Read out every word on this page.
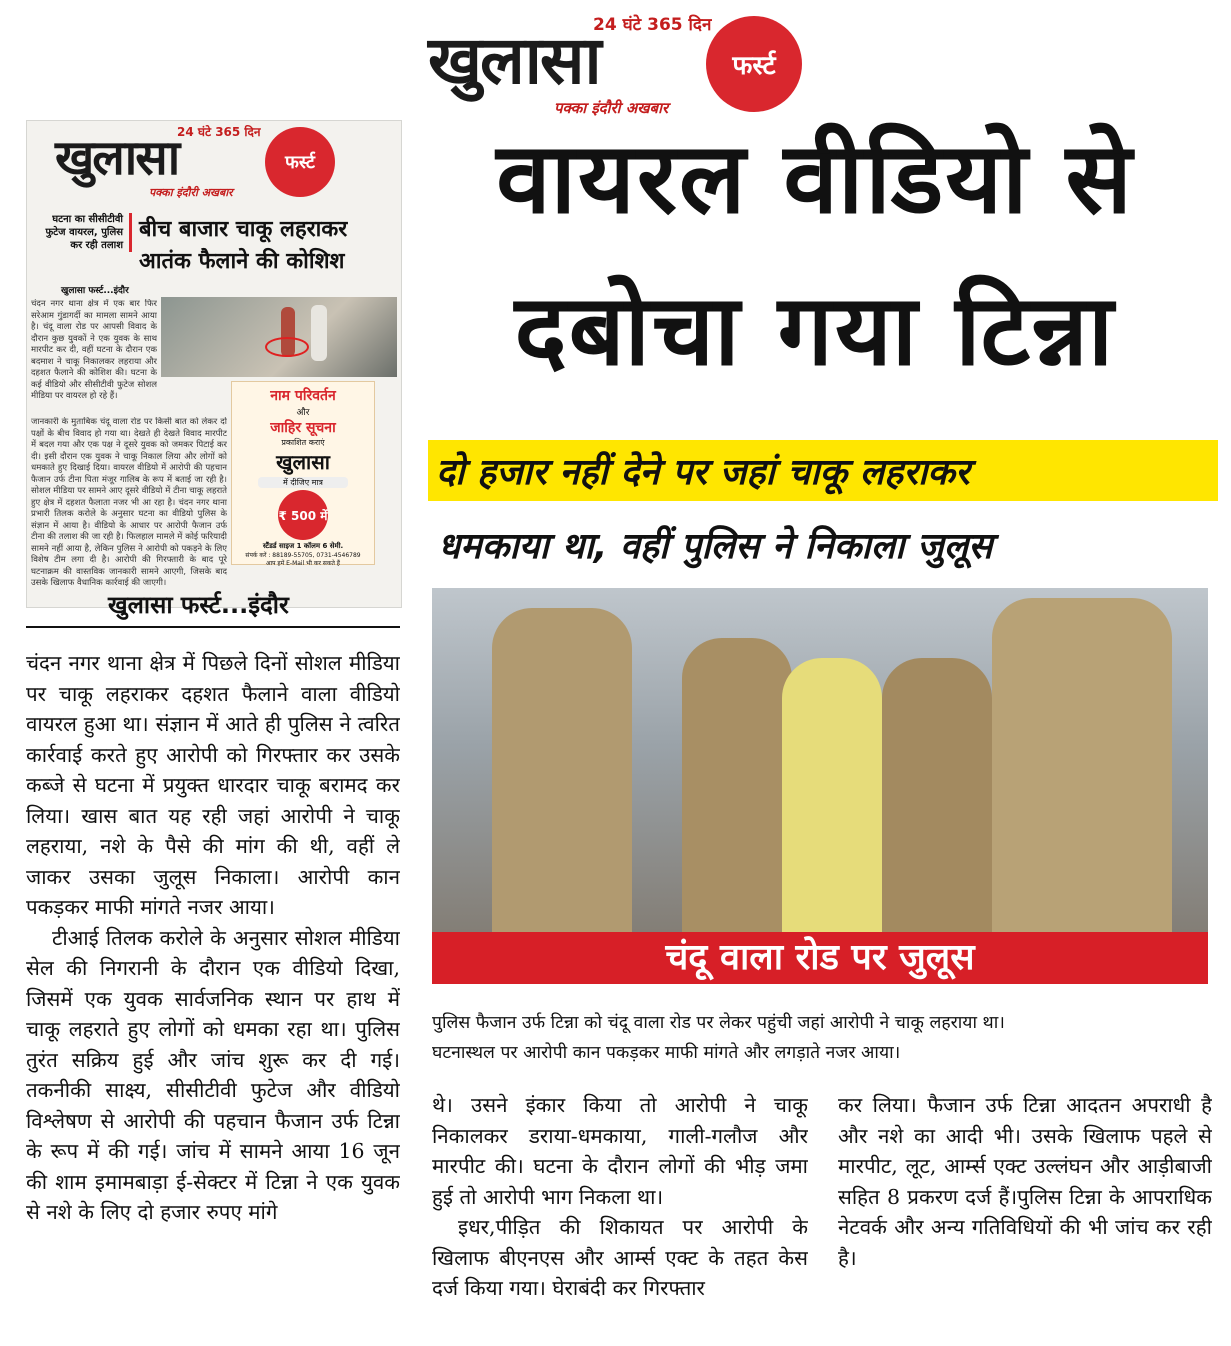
24 घंटे 365 दिन
खुलासा	फर्स्ट
पक्का इंदौरी अखबार
24 घंटे 365 दिन
खुलासा	फर्स्ट
पक्का इंदौरी अखबार
घटना का सीसीटीवी फुटेज वायरल, पुलिस कर रही तलाश
बीच बाजार चाकू लहराकर
आतंक फैलाने की कोशिश
खुलासा फर्स्ट...इंदौर
चंदन नगर थाना क्षेत्र में एक बार फिर सरेआम गुंडागर्दी का मामला सामने आया है। चंदू वाला रोड पर आपसी विवाद के दौरान कुछ युवकों ने एक युवक के साथ मारपीट कर दी, वहीं घटना के दौरान एक बदमाश ने चाकू निकालकर लहराया और दहशत फैलाने की कोशिश की। घटना के कई वीडियो और सीसीटीवी फुटेज सोशल मीडिया पर वायरल हो रहे हैं।
जानकारी के मुताबिक चंदू वाला रोड पर किसी बात को लेकर दो पक्षों के बीच विवाद हो गया था। देखते ही देखते विवाद मारपीट में बदल गया और एक पक्ष ने दूसरे युवक को जमकर पिटाई कर दी। इसी दौरान एक युवक ने चाकू निकाल लिया और लोगों को धमकाते हुए दिखाई दिया। वायरल वीडियो में आरोपी की पहचान फैजान उर्फ टीना पिता मंजूर गालिब के रूप में बताई जा रही है। सोशल मीडिया पर सामने आए दूसरे वीडियो में टीना चाकू लहराते हुए क्षेत्र में दहशत फैलाता नजर भी आ रहा है। चंदन नगर थाना प्रभारी तिलक करोले के अनुसार घटना का वीडियो पुलिस के संज्ञान में आया है। वीडियो के आधार पर आरोपी फैजान उर्फ टीना की तलाश की जा रही है। फिलहाल मामले में कोई फरियादी सामने नहीं आया है, लेकिन पुलिस ने आरोपी को पकड़ने के लिए विशेष टीम लगा दी है। आरोपी की गिरफ्तारी के बाद पूरे घटनाक्रम की वास्तविक जानकारी सामने आएगी, जिसके बाद उसके खिलाफ वैधानिक कार्रवाई की जाएगी।
नाम परिवर्तन
और
जाहिर सूचना
प्रकाशित कराएं
खुलासा
में दीजिए मात्र
₹ 500 में
स्टैंडर्ड साइज 1 कॉलम 6 सेमी.
संपर्क करें : 88189-55705, 0731-4546789
आप हमें E-Mail भी कर सकते हैं
वायरल वीडियो से
दबोचा गया टिन्ना
दो हजार नहीं देने पर जहां चाकू लहराकर
धमकाया था, वहीं पुलिस ने निकाला जुलूस
खुलासा फर्स्ट...इंदौर
चंदू वाला रोड पर जुलूस
पुलिस फैजान उर्फ टिन्ना को चंदू वाला रोड पर लेकर पहुंची जहां आरोपी ने चाकू लहराया था।
घटनास्थल पर आरोपी कान पकड़कर माफी मांगते और लगड़ाते नजर आया।

चंदन नगर थाना क्षेत्र में पिछले दिनों सोशल मीडिया पर चाकू लहराकर दहशत फैलाने वाला वीडियो वायरल हुआ था। संज्ञान में आते ही पुलिस ने त्वरित कार्रवाई करते हुए आरोपी को गिरफ्तार कर उसके कब्जे से घटना में प्रयुक्त धारदार चाकू बरामद कर लिया। खास बात यह रही जहां आरोपी ने चाकू लहराया, नशे के पैसे की मांग की थी, वहीं ले जाकर उसका जुलूस निकाला। आरोपी कान पकड़कर माफी मांगते नजर आया।

टीआई तिलक करोले के अनुसार सोशल मीडिया सेल की निगरानी के दौरान एक वीडियो दिखा, जिसमें एक युवक सार्वजनिक स्थान पर हाथ में चाकू लहराते हुए लोगों को धमका रहा था। पुलिस तुरंत सक्रिय हुई और जांच शुरू कर दी गई। तकनीकी साक्ष्य, सीसीटीवी फुटेज और वीडियो विश्लेषण से आरोपी की पहचान फैजान उर्फ टिन्ना के रूप में की गई। जांच में सामने आया 16 जून की शाम इमामबाड़ा ई-सेक्टर में टिन्ना ने एक युवक से नशे के लिए दो हजार रुपए मांगे

थे। उसने इंकार किया तो आरोपी ने चाकू निकालकर डराया-धमकाया, गाली-गलौज और मारपीट की। घटना के दौरान लोगों की भीड़ जमा हुई तो आरोपी भाग निकला था।

इधर,पीड़ित की शिकायत पर आरोपी के खिलाफ बीएनएस और आर्म्स एक्ट के तहत केस दर्ज किया गया। घेराबंदी कर गिरफ्तार

कर लिया। फैजान उर्फ टिन्ना आदतन अपराधी है और नशे का आदी भी। उसके खिलाफ पहले से मारपीट, लूट, आर्म्स एक्ट उल्लंघन और आड़ीबाजी सहित 8 प्रकरण दर्ज हैं।पुलिस टिन्ना के आपराधिक नेटवर्क और अन्य गतिविधियों की भी जांच कर रही है।
